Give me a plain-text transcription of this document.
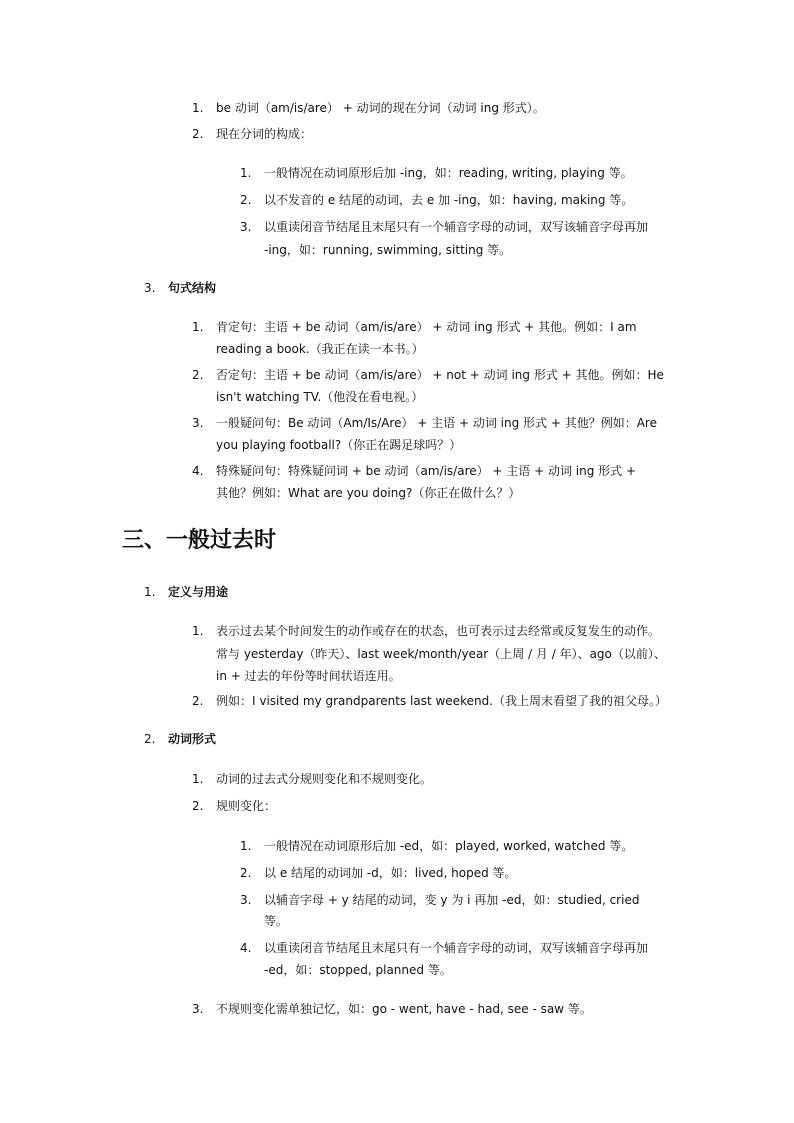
1. be 动词（am/is/are） + 动词的现在分词（动词 ing 形式）。
2. 现在分词的构成：
1. 一般情况在动词原形后加 -ing，如：reading, writing, playing 等。
2. 以不发音的 e 结尾的动词，去 e 加 -ing，如：having, making 等。
3. 以重读闭音节结尾且末尾只有一个辅音字母的动词，双写该辅音字母再加
-ing，如：running, swimming, sitting 等。
3. 句式结构
1. 肯定句：主语 + be 动词（am/is/are） + 动词 ing 形式 + 其他。例如：I am
reading a book.（我正在读一本书。）
2. 否定句：主语 + be 动词（am/is/are） + not + 动词 ing 形式 + 其他。例如：He
isn't watching TV.（他没在看电视。）
3. 一般疑问句：Be 动词（Am/Is/Are） + 主语 + 动词 ing 形式 + 其他？例如：Are
you playing football?（你正在踢足球吗？）
4. 特殊疑问句：特殊疑问词 + be 动词（am/is/are） + 主语 + 动词 ing 形式 +
其他？例如：What are you doing?（你正在做什么？）
三、一般过去时
1. 定义与用途
1. 表示过去某个时间发生的动作或存在的状态，也可表示过去经常或反复发生的动作。
常与 yesterday（昨天）、last week/month/year（上周 / 月 / 年）、ago（以前）、
in + 过去的年份等时间状语连用。
2. 例如：I visited my grandparents last weekend.（我上周末看望了我的祖父母。）
2. 动词形式
1. 动词的过去式分规则变化和不规则变化。
2. 规则变化：
1. 一般情况在动词原形后加 -ed，如：played, worked, watched 等。
2. 以 e 结尾的动词加 -d，如：lived, hoped 等。
3. 以辅音字母 + y 结尾的动词，变 y 为 i 再加 -ed，如：studied, cried
等。
4. 以重读闭音节结尾且末尾只有一个辅音字母的动词，双写该辅音字母再加
-ed，如：stopped, planned 等。
3. 不规则变化需单独记忆，如：go - went, have - had, see - saw 等。
